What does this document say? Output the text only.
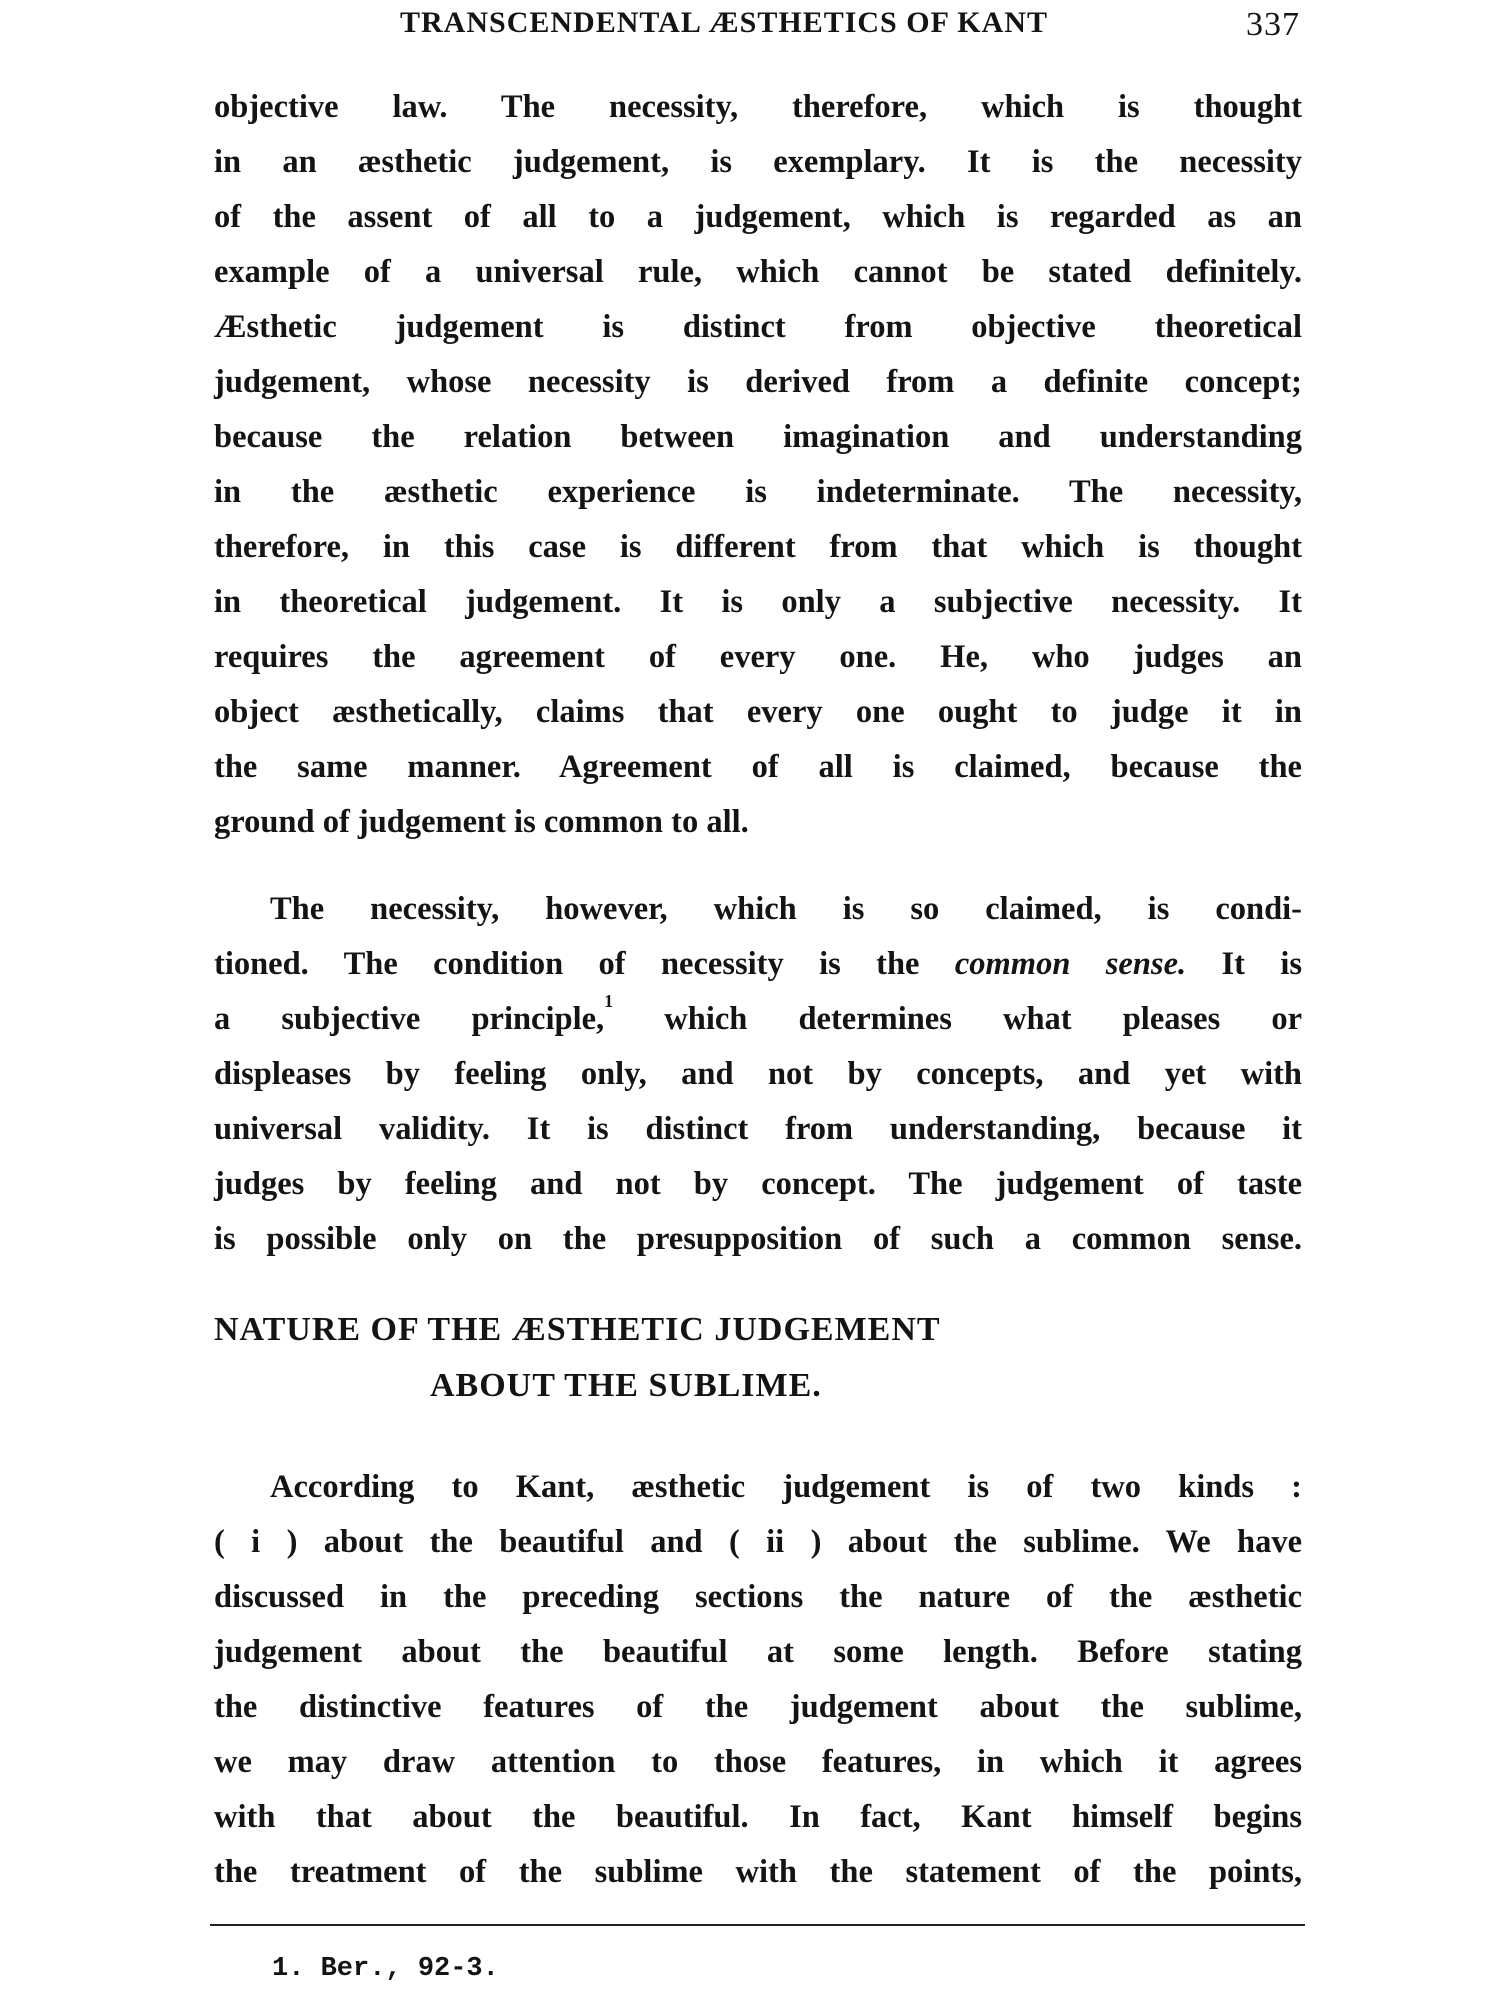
TRANSCENDENTAL ÆSTHETICS OF KANT	337
objective law. The necessity, therefore, which is thought
in an æsthetic judgement, is exemplary. It is the necessity
of the assent of all to a judgement, which is regarded as an
example of a universal rule, which cannot be stated definitely.
Æsthetic judgement is distinct from objective theoretical
judgement, whose necessity is derived from a definite concept;
because the relation between imagination and understanding
in the æsthetic experience is indeterminate. The necessity,
therefore, in this case is different from that which is thought
in theoretical judgement. It is only a subjective necessity. It
requires the agreement of every one. He, who judges an
object æsthetically, claims that every one ought to judge it in
the same manner. Agreement of all is claimed, because the
ground of judgement is common to all.
The necessity, however, which is so claimed, is condi-
tioned. The condition of necessity is the common sense. It is
a subjective principle,$^1$ which determines what pleases or
displeases by feeling only, and not by concepts, and yet with
universal validity. It is distinct from understanding, because it
judges by feeling and not by concept. The judgement of taste
is possible only on the presupposition of such a common sense.
NATURE OF THE ÆSTHETIC JUDGEMENT
ABOUT THE SUBLIME.
According to Kant, æsthetic judgement is of two kinds :
( i ) about the beautiful and ( ii ) about the sublime. We have
discussed in the preceding sections the nature of the æsthetic
judgement about the beautiful at some length. Before stating
the distinctive features of the judgement about the sublime,
we may draw attention to those features, in which it agrees
with that about the beautiful. In fact, Kant himself begins
the treatment of the sublime with the statement of the points,
1. Ber., 92-3.
